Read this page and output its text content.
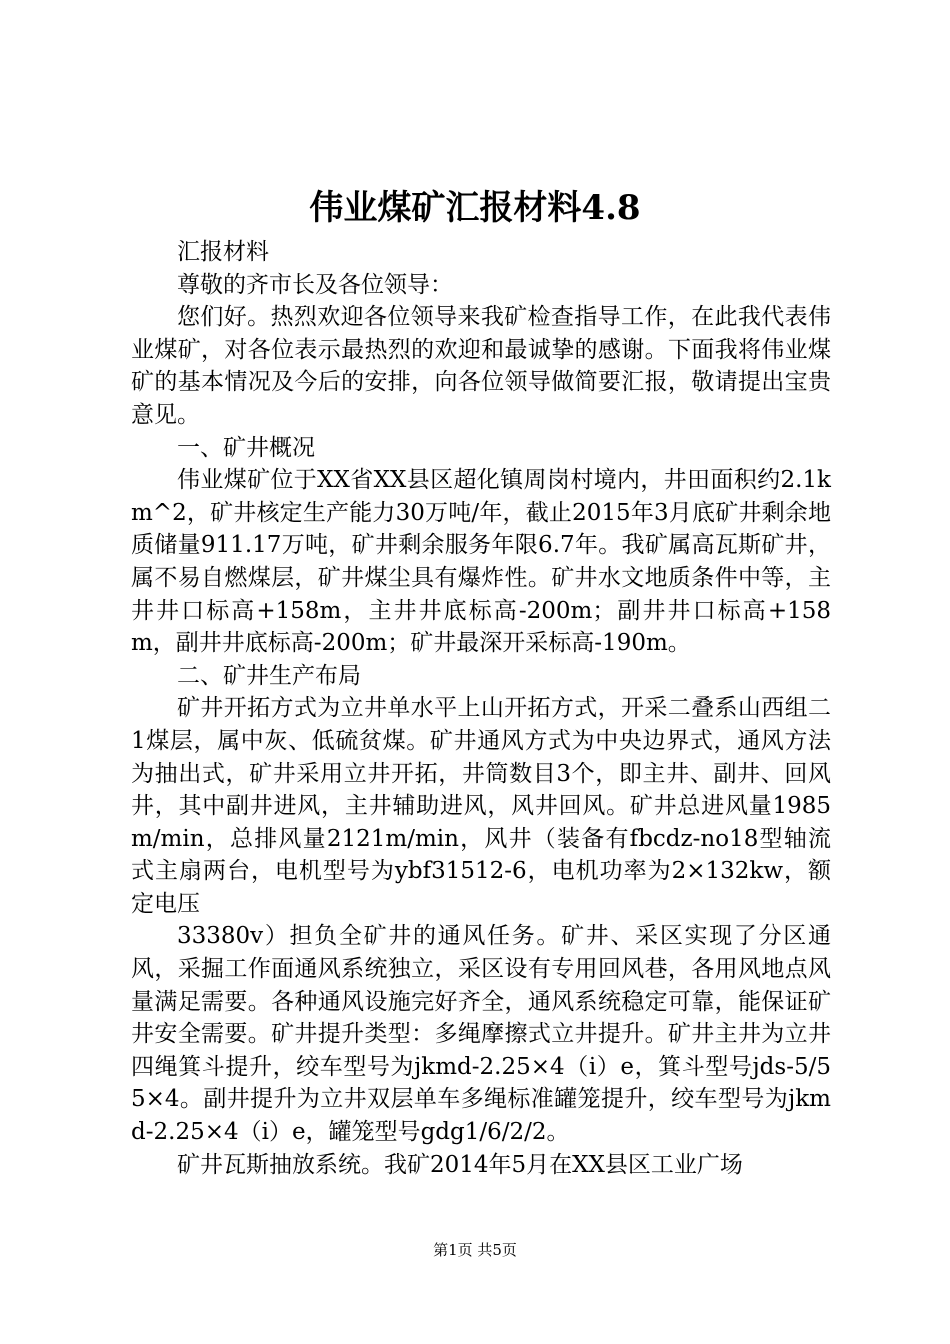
伟业煤矿汇报材料4.8

汇报材料

尊敬的齐市长及各位领导：

您们好。热烈欢迎各位领导来我矿检查指导工作，在此我代表伟业煤矿，对各位表示最热烈的欢迎和最诚挚的感谢。下面我将伟业煤矿的基本情况及今后的安排，向各位领导做简要汇报，敬请提出宝贵意见。

一、矿井概况

伟业煤矿位于XX省XX县区超化镇周岗村境内，井田面积约2.1km^2，矿井核定生产能力30万吨/年，截止2015年3月底矿井剩余地质储量911.17万吨，矿井剩余服务年限6.7年。我矿属高瓦斯矿井，属不易自燃煤层，矿井煤尘具有爆炸性。矿井水文地质条件中等，主井井口标高+158m，主井井底标高-200m；副井井口标高+158m，副井井底标高-200m；矿井最深开采标高-190m。

二、矿井生产布局

矿井开拓方式为立井单水平上山开拓方式，开采二叠系山西组二1煤层，属中灰、低硫贫煤。矿井通风方式为中央边界式，通风方法为抽出式，矿井采用立井开拓，井筒数目3个，即主井、副井、回风井，其中副井进风，主井辅助进风，风井回风。矿井总进风量1985m/min，总排风量2121m/min，风井（装备有fbcdz-no18型轴流式主扇两台，电机型号为ybf31512-6，电机功率为2×132kw，额定电压

33380v）担负全矿井的通风任务。矿井、采区实现了分区通风，采掘工作面通风系统独立，采区设有专用回风巷，各用风地点风量满足需要。各种通风设施完好齐全，通风系统稳定可靠，能保证矿井安全需要。矿井提升类型：多绳摩擦式立井提升。矿井主井为立井四绳箕斗提升，绞车型号为jkmd-2.25×4（i）e，箕斗型号jds-5/55×4。副井提升为立井双层单车多绳标准罐笼提升，绞车型号为jkmd-2.25×4（i）e，罐笼型号gdg1/6/2/2。

矿井瓦斯抽放系统。我矿2014年5月在XX县区工业广场

第1页 共5页
